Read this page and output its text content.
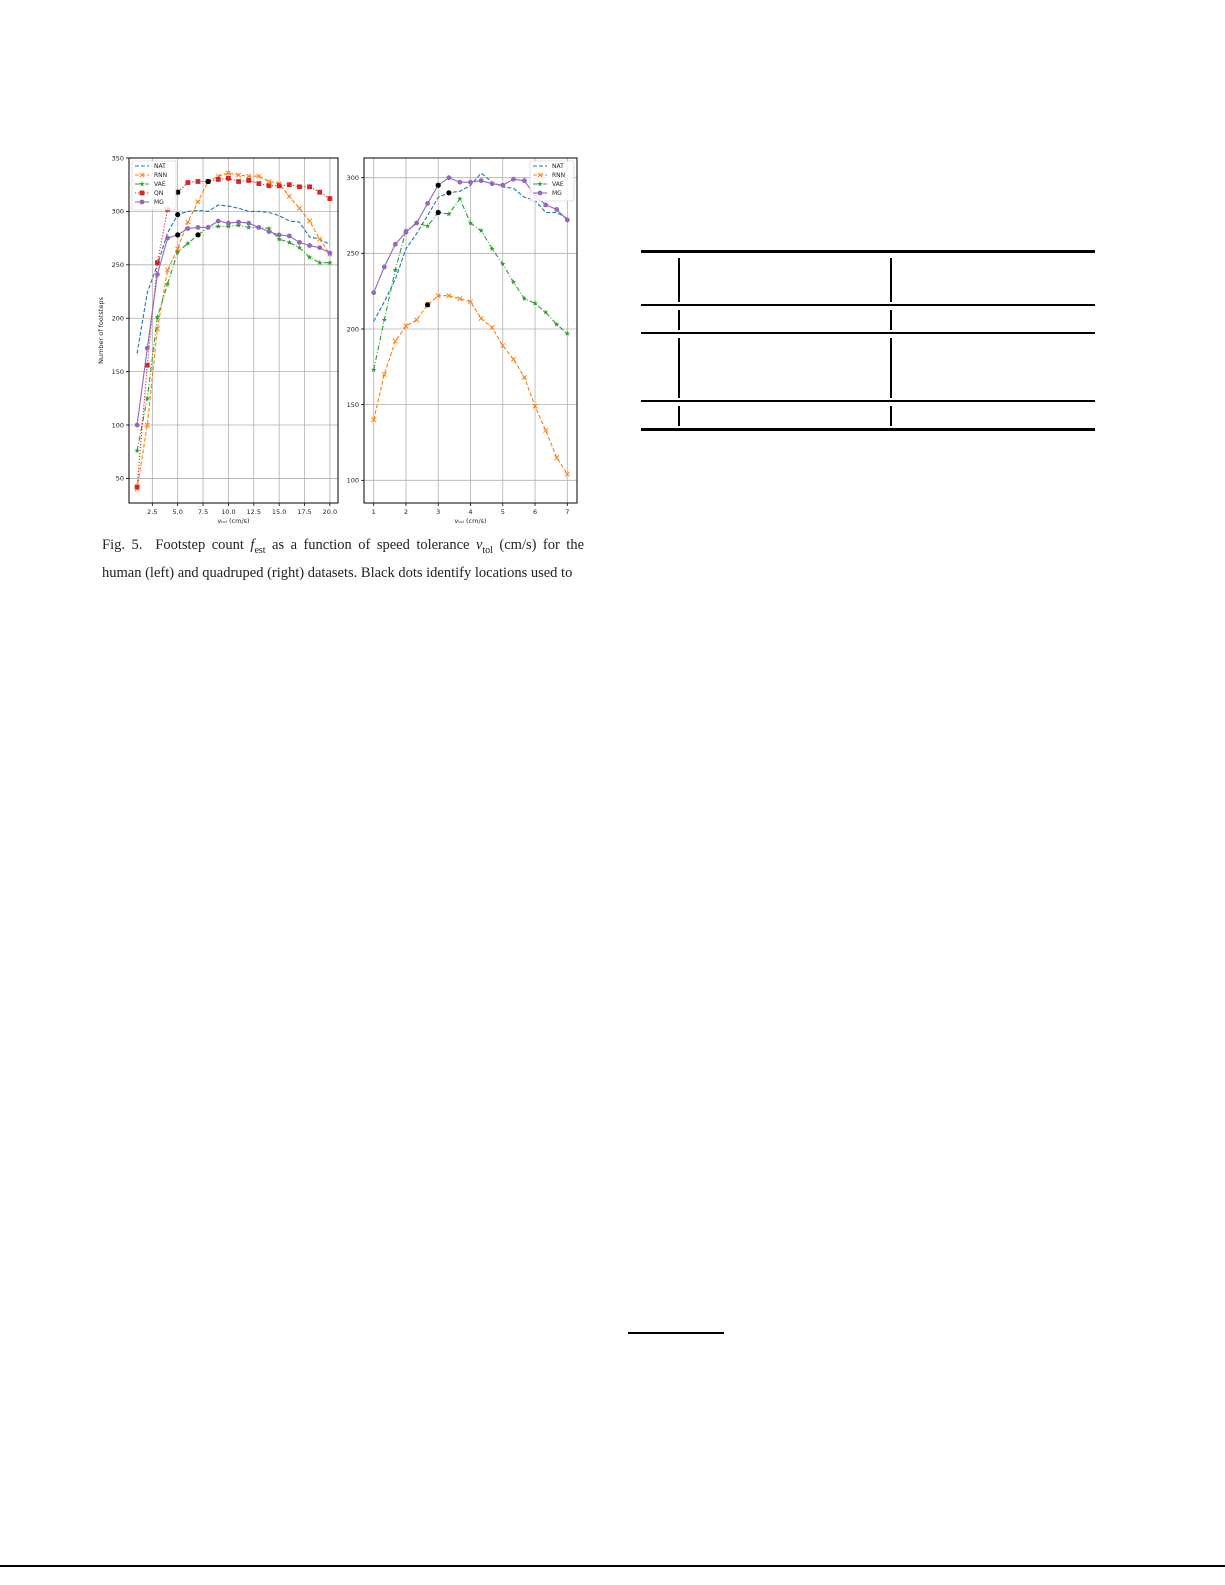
2.5 5.0 7.5 10.0 12.5 15.0 17.5 20.0
50
100
150
200
250
300
350
vₜₒₗ (cm/s)
Number of footsteps
NAT
RNN
VAE
QN
MG
1	2	3	4	5	6	7
100
150
200
250
300
vₜₒₗ (cm/s)
NAT
RNN
VAE
MG
Fig. 5. Footstep count $f_{est}$ as a function of speed tolerance $v_{tol}$ (cm/s) for the human (left) and quadruped (right) datasets. Black dots identify locations used to
